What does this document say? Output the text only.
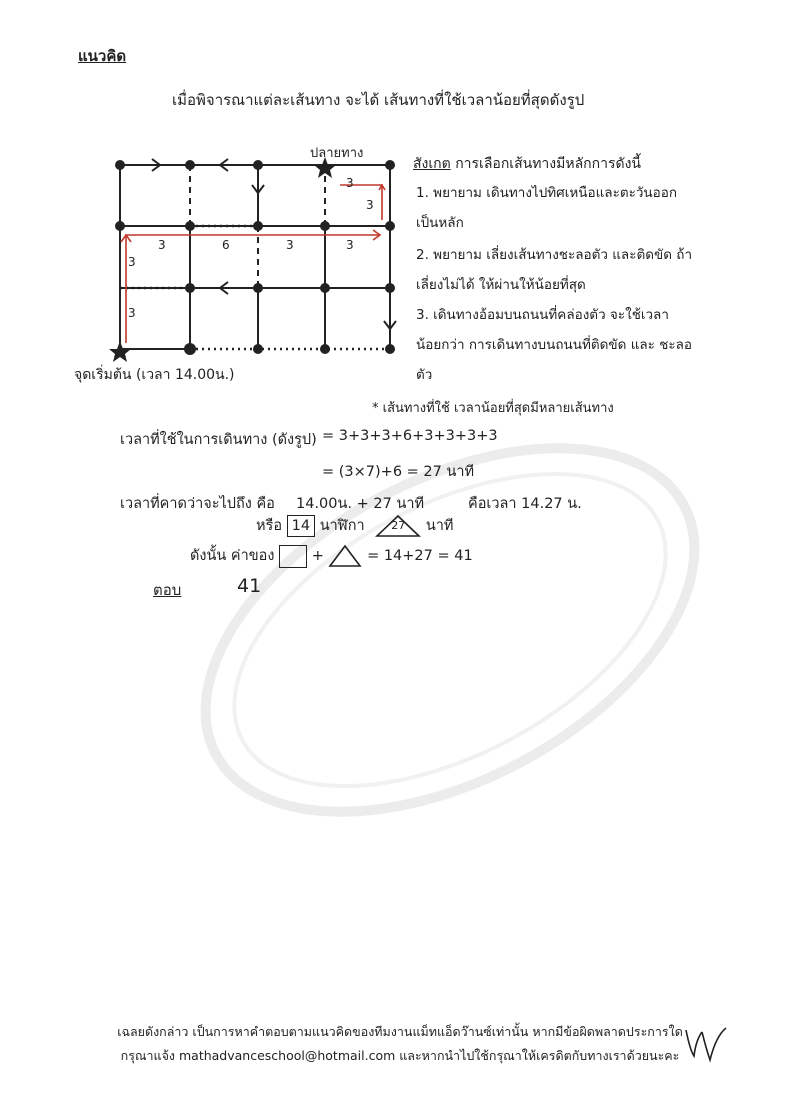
แนวคิด
เมื่อพิจารณาแต่ละเส้นทาง จะได้ เส้นทางที่ใช้เวลาน้อยที่สุดดังรูป
3
3
3	6	3	3
3
3
ปลายทาง
จุดเริ่มต้น (เวลา 14.00น.)
สังเกต การเลือกเส้นทางมีหลักการดังนี้
1. พยายาม เดินทางไปทิศเหนือและตะวันออก เป็นหลัก
2. พยายาม เลี่ยงเส้นทางชะลอตัว และติดขัด ถ้าเลี่ยงไม่ได้ ให้ผ่านให้น้อยที่สุด
3. เดินทางอ้อมบนถนนที่คล่องตัว จะใช้เวลา น้อยกว่า การเดินทางบนถนนที่ติดขัด และ ชะลอตัว
* เส้นทางที่ใช้ เวลาน้อยที่สุดมีหลายเส้นทาง
เวลาที่ใช้ในการเดินทาง (ดังรูป) = 3+3+3+6+3+3+3+3
= (3×7)+6 = 27 นาที
เวลาที่คาดว่าจะไปถึง คือ 14.00น. + 27 นาที	คือเวลา 14.27 น.
หรือ 14 นาฬิกา	27	นาที
ดังนั้น ค่าของ	+	= 14+27 = 41
ตอบ	41
เฉลยดังกล่าว เป็นการหาคำตอบตามแนวคิดของทีมงานแม็ทแอ็ดว๊านซ์เท่านั้น หากมีข้อผิดพลาดประการใด
กรุณาแจ้ง mathadvanceschool@hotmail.com และหากนำไปใช้กรุณาให้เครดิตกับทางเราด้วยนะคะ
